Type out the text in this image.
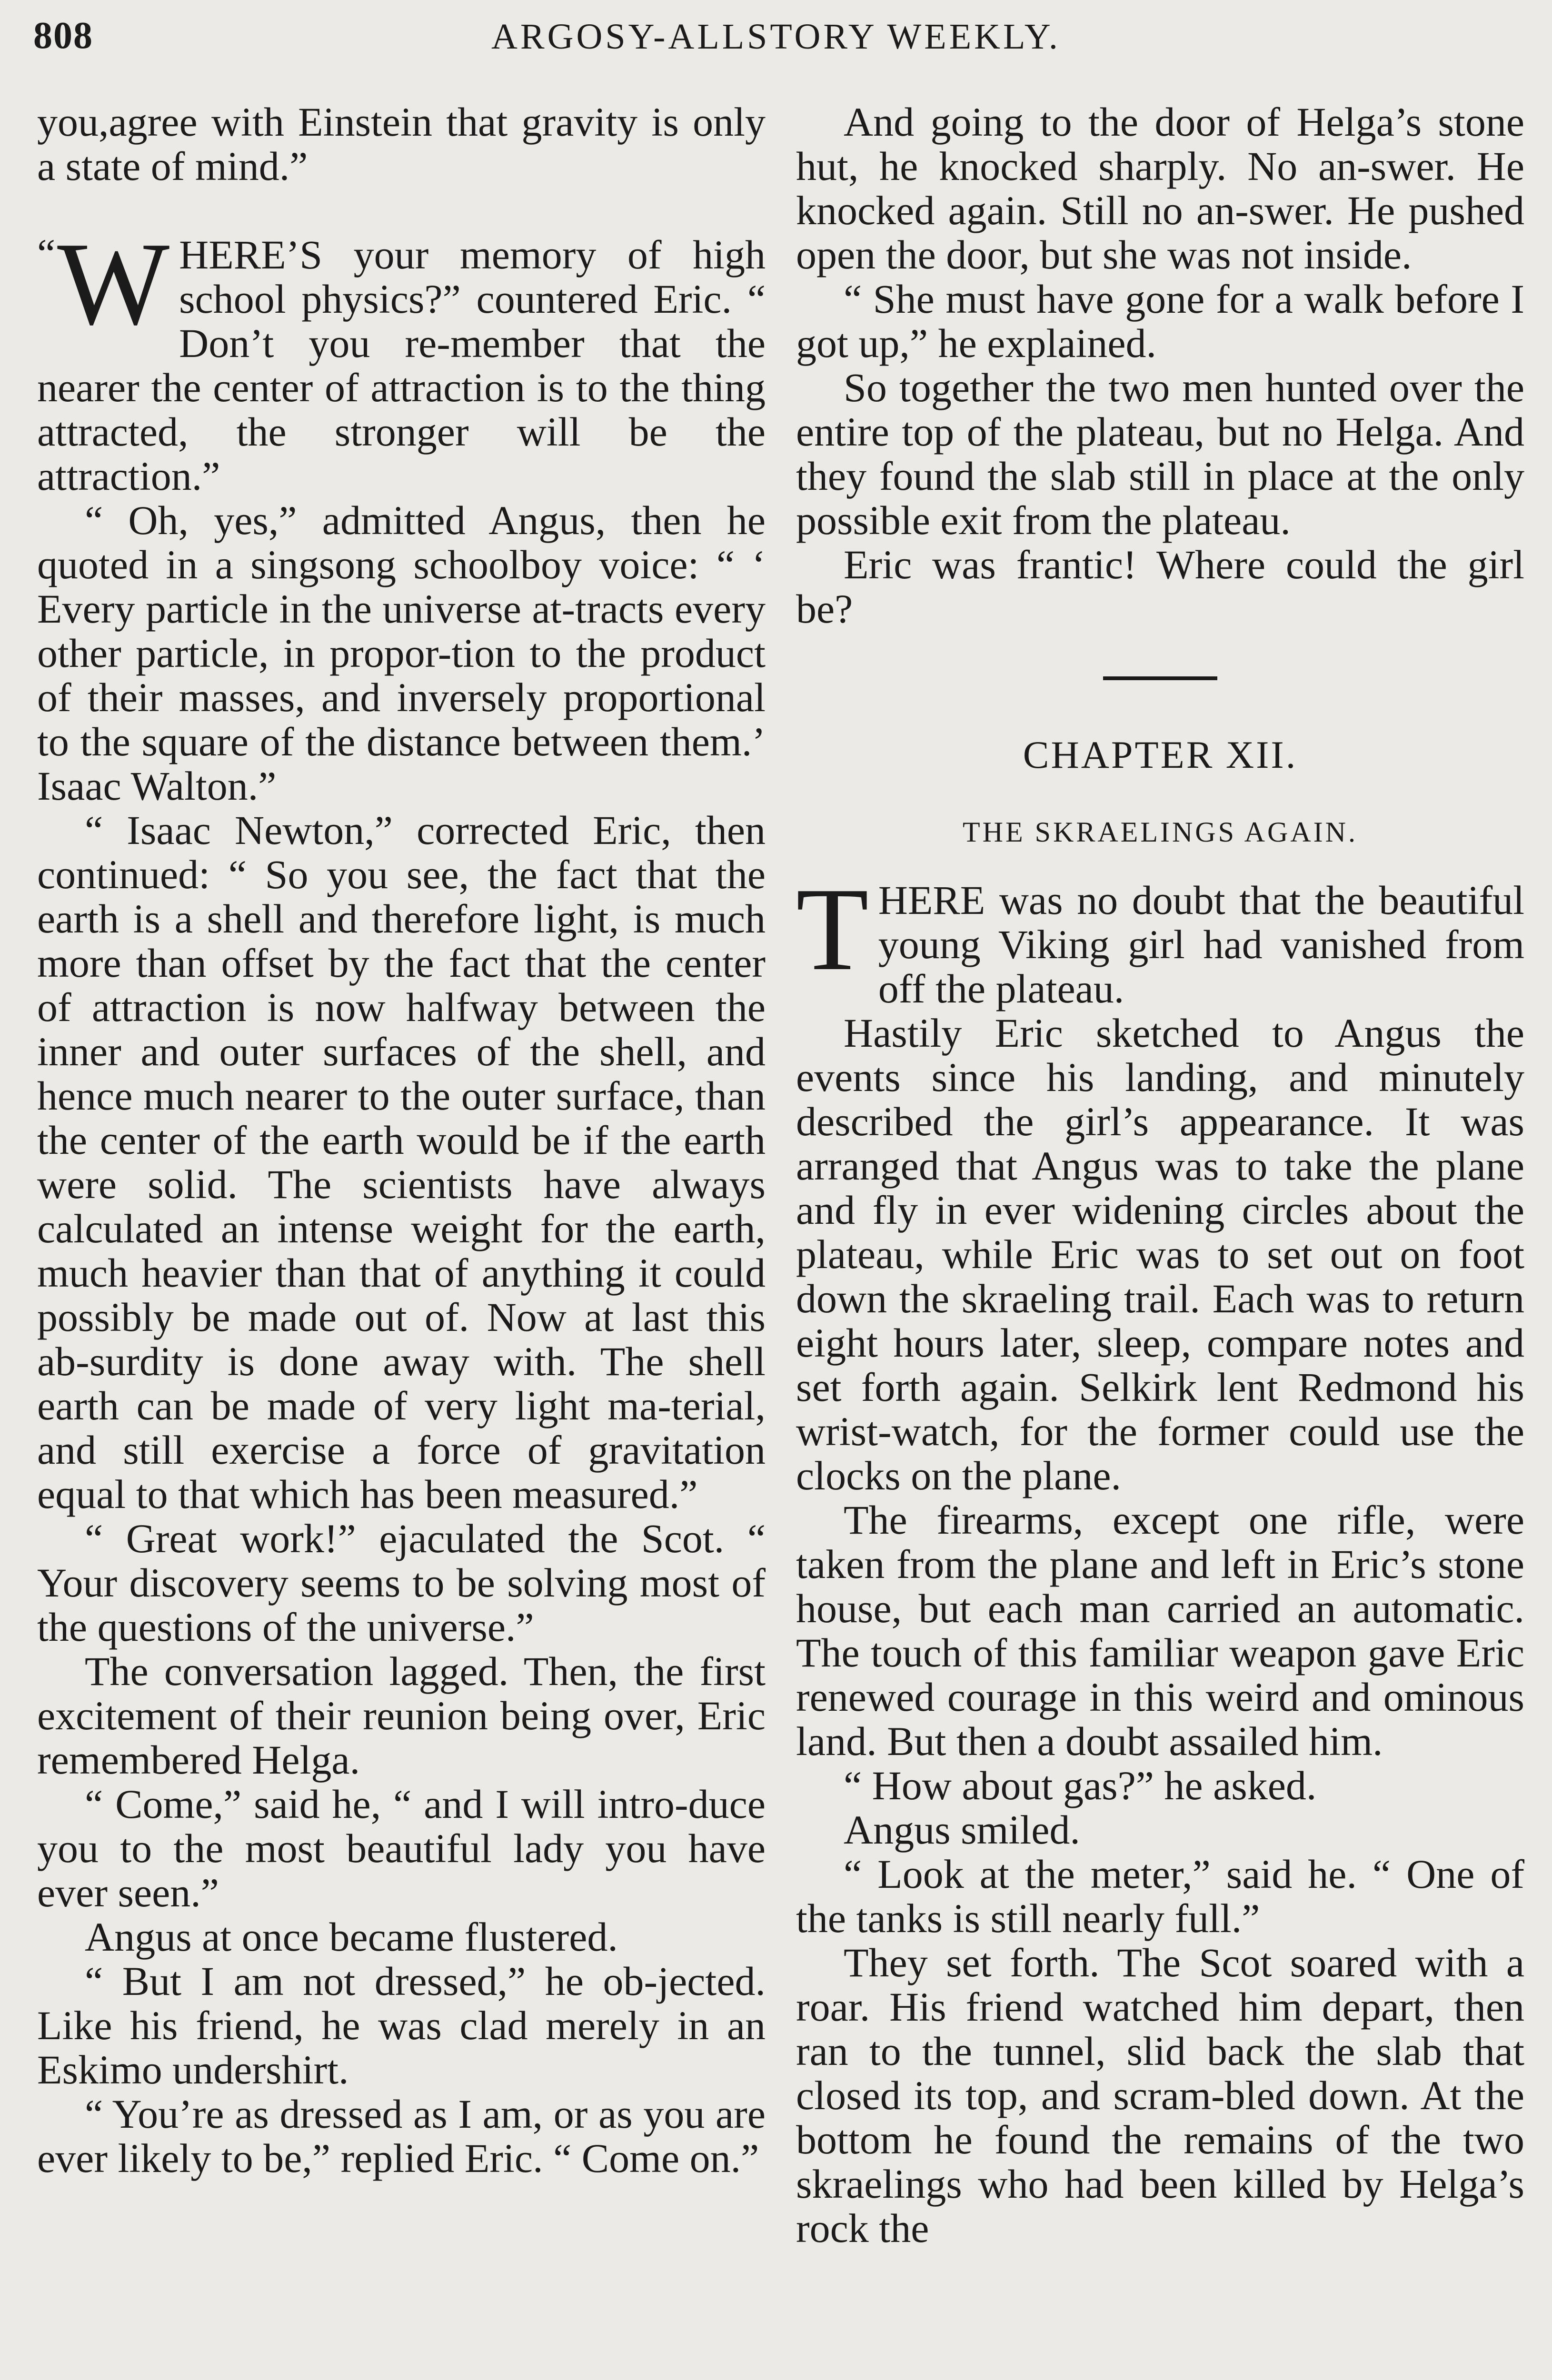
808	ARGOSY-ALLSTORY WEEKLY.

you,agree with Einstein that gravity is only a state of mind.”

“ W HERE’S your memory of high school physics?” countered Eric. “ Don’t you re-member that the nearer the center of attraction is to the thing attracted, the stronger will be the attraction.”

“ Oh, yes,” admitted Angus, then he quoted in a singsong schoolboy voice: “ ‘ Every particle in the universe at-tracts every other particle, in propor-tion to the product of their masses, and inversely proportional to the square of the distance between them.’ Isaac Walton.”

“ Isaac Newton,” corrected Eric, then continued: “ So you see, the fact that the earth is a shell and therefore light, is much more than offset by the fact that the center of attraction is now halfway between the inner and outer surfaces of the shell, and hence much nearer to the outer surface, than the center of the earth would be if the earth were solid. The scientists have always calculated an intense weight for the earth, much heavier than that of anything it could possibly be made out of. Now at last this ab-surdity is done away with. The shell earth can be made of very light ma-terial, and still exercise a force of gravitation equal to that which has been measured.”

“ Great work!” ejaculated the Scot. “ Your discovery seems to be solving most of the questions of the universe.”

The conversation lagged. Then, the first excitement of their reunion being over, Eric remembered Helga.

“ Come,” said he, “ and I will intro-duce you to the most beautiful lady you have ever seen.”

Angus at once became flustered.

“ But I am not dressed,” he ob-jected. Like his friend, he was clad merely in an Eskimo undershirt.

“ You’re as dressed as I am, or as you are ever likely to be,” replied Eric. “ Come on.”

And going to the door of Helga’s stone hut, he knocked sharply. No an-swer. He knocked again. Still no an-swer. He pushed open the door, but she was not inside.

“ She must have gone for a walk before I got up,” he explained.

So together the two men hunted over the entire top of the plateau, but no Helga. And they found the slab still in place at the only possible exit from the plateau.

Eric was frantic! Where could the girl be?

CHAPTER XII.
THE SKRAELINGS AGAIN.

THERE was no doubt that the beautiful young Viking girl had vanished from off the plateau.

Hastily Eric sketched to Angus the events since his landing, and minutely described the girl’s appearance. It was arranged that Angus was to take the plane and fly in ever widening circles about the plateau, while Eric was to set out on foot down the skraeling trail. Each was to return eight hours later, sleep, compare notes and set forth again. Selkirk lent Redmond his wrist-watch, for the former could use the clocks on the plane.

The firearms, except one rifle, were taken from the plane and left in Eric’s stone house, but each man carried an automatic. The touch of this familiar weapon gave Eric renewed courage in this weird and ominous land. But then a doubt assailed him.

“ How about gas?” he asked.

Angus smiled.

“ Look at the meter,” said he. “ One of the tanks is still nearly full.”

They set forth. The Scot soared with a roar. His friend watched him depart, then ran to the tunnel, slid back the slab that closed its top, and scram-bled down. At the bottom he found the remains of the two skraelings who had been killed by Helga’s rock the
